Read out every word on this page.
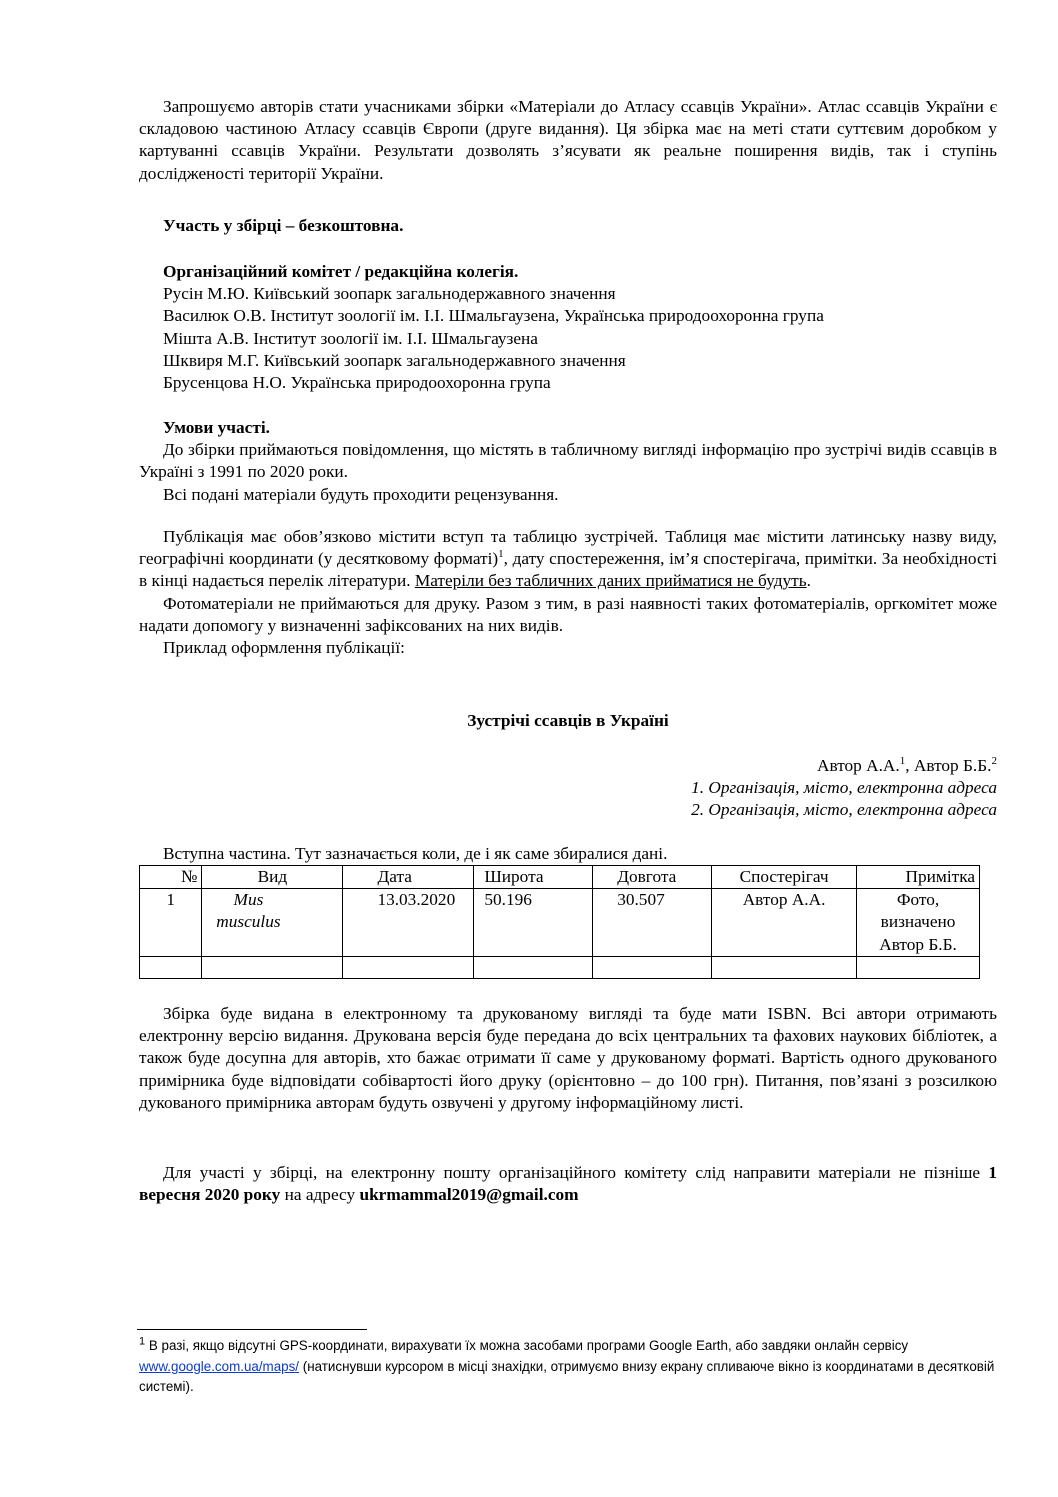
Запрошуємо авторів стати учасниками збірки «Матеріали до Атласу ссавців України». Атлас ссавців України є складовою частиною Атласу ссавців Європи (друге видання). Ця збірка має на меті стати суттєвим доробком у картуванні ссавців України. Результати дозволять з’ясувати як реальне поширення видів, так і ступінь дослідженості території України.

Участь у збірці – безкоштовна.

Організаційний комітет / редакційна колегія.

Русін М.Ю. Київський зоопарк загальнодержавного значення

Василюк О.В. Інститут зоології ім. І.І. Шмальгаузена, Українська природоохоронна група

Мішта А.В. Інститут зоології ім. І.І. Шмальгаузена

Шквиря М.Г. Київський зоопарк загальнодержавного значення

Брусенцова Н.О. Українська природоохоронна група

Умови участі.

До збірки приймаються повідомлення, що містять в табличному вигляді інформацію про зустрічі видів ссавців в Україні з 1991 по 2020 роки.

Всі подані матеріали будуть проходити рецензування.

Публікація має обов’язково містити вступ та таблицю зустрічей. Таблиця має містити латинську назву виду, географічні координати (у десятковому форматі)$^1$, дату спостереження, ім’я спостерігача, примітки. За необхідності в кінці надається перелік літератури. Матеріли без табличних даних прийматися не будуть.

Фотоматеріали не приймаються для друку. Разом з тим, в разі наявності таких фотоматеріалів, оргкомітет може надати допомогу у визначенні зафіксованих на них видів.

Приклад оформлення публікації:

Зустрічі ссавців в Україні

Автор А.А.$^1$, Автор Б.Б.$^2$

1. Організація, місто, електронна адреса

2. Організація, місто, електронна адреса

Вступна частина. Тут зазначається коли, де і як саме збиралися дані.

№	Вид	Дата	Широта	Довгота	Спостерігач	Примітка
1	Mus musculus	13.03.2020	50.196	30.507	Автор А.А.	Фото, визначено Автор Б.Б.

Збірка буде видана в електронному та друкованому вигляді та буде мати ISBN. Всі автори отримають електронну версію видання. Друкована версія буде передана до всіх центральних та фахових наукових бібліотек, а також буде досупна для авторів, хто бажає отримати її саме у друкованому форматі. Вартість одного друкованого примірника буде відповідати собівартості його друку (орієнтовно – до 100 грн). Питання, пов’язані з розсилкою дукованого примірника авторам будуть озвучені у другому інформаційному листі.

Для участі у збірці, на електронну пошту організаційного комітету слід направити матеріали не пізніше 1 вересня 2020 року на адресу ukrmammal2019@gmail.com

$^1$ В разі, якщо відсутні GPS-координати, вирахувати їх можна засобами програми Google Earth, або завдяки онлайн сервісу www.google.com.ua/maps/ (натиснувши курсором в місці знахідки, отримуємо внизу екрану спливаюче вікно із координатами в десятковій системі).
